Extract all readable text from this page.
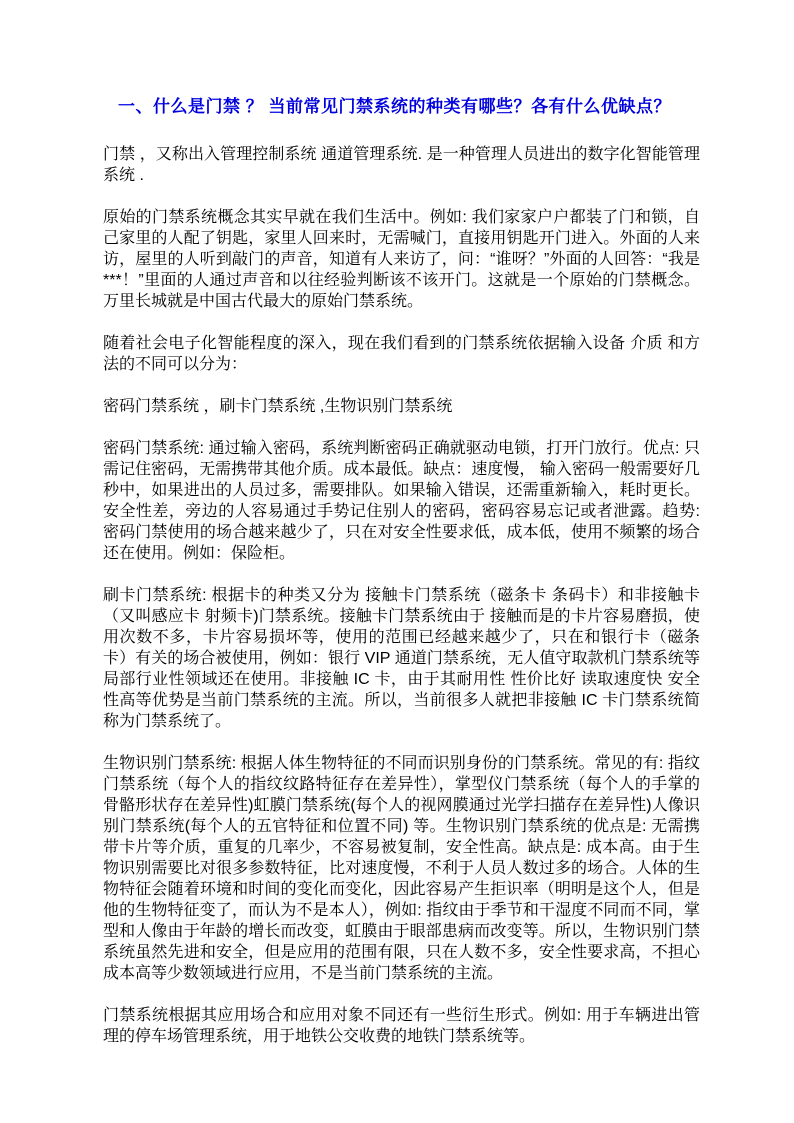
一、什么是门禁 ？ 当前常见门禁系统的种类有哪些？各有什么优缺点？

门禁 ，又称出入管理控制系统 通道管理系统. 是一种管理人员进出的数字化智能管理系统 .

原始的门禁系统概念其实早就在我们生活中。例如: 我们家家户户都装了门和锁，自己家里的人配了钥匙，家里人回来时，无需喊门，直接用钥匙开门进入。外面的人来访，屋里的人听到敲门的声音，知道有人来访了，问：“谁呀？”外面的人回答：“我是***！”里面的人通过声音和以往经验判断该不该开门。这就是一个原始的门禁概念。万里长城就是中国古代最大的原始门禁系统。

随着社会电子化智能程度的深入，现在我们看到的门禁系统依据输入设备 介质 和方法的不同可以分为：

密码门禁系统 ，刷卡门禁系统 ,生物识别门禁系统

密码门禁系统: 通过输入密码，系统判断密码正确就驱动电锁，打开门放行。优点: 只需记住密码，无需携带其他介质。成本最低。缺点：速度慢， 输入密码一般需要好几秒中，如果进出的人员过多，需要排队。如果输入错误，还需重新输入，耗时更长。安全性差，旁边的人容易通过手势记住别人的密码，密码容易忘记或者泄露。趋势: 密码门禁使用的场合越来越少了，只在对安全性要求低，成本低，使用不频繁的场合还在使用。例如：保险柜。

刷卡门禁系统: 根据卡的种类又分为 接触卡门禁系统（磁条卡 条码卡）和非接触卡（又叫感应卡 射频卡)门禁系统。接触卡门禁系统由于 接触而是的卡片容易磨损，使用次数不多，卡片容易损坏等，使用的范围已经越来越少了，只在和银行卡（磁条卡）有关的场合被使用，例如：银行 VIP 通道门禁系统，无人值守取款机门禁系统等局部行业性领域还在使用。非接触 IC 卡，由于其耐用性 性价比好 读取速度快 安全性高等优势是当前门禁系统的主流。所以，当前很多人就把非接触 IC 卡门禁系统简称为门禁系统了。

生物识别门禁系统: 根据人体生物特征的不同而识别身份的门禁系统。常见的有: 指纹门禁系统（每个人的指纹纹路特征存在差异性），掌型仪门禁系统（每个人的手掌的骨骼形状存在差异性)虹膜门禁系统(每个人的视网膜通过光学扫描存在差异性)人像识别门禁系统(每个人的五官特征和位置不同) 等。生物识别门禁系统的优点是: 无需携带卡片等介质，重复的几率少，不容易被复制，安全性高。缺点是: 成本高。由于生物识别需要比对很多参数特征，比对速度慢，不利于人员人数过多的场合。人体的生物特征会随着环境和时间的变化而变化，因此容易产生拒识率（明明是这个人，但是他的生物特征变了，而认为不是本人），例如: 指纹由于季节和干湿度不同而不同，掌型和人像由于年龄的增长而改变，虹膜由于眼部患病而改变等。所以，生物识别门禁系统虽然先进和安全，但是应用的范围有限，只在人数不多，安全性要求高，不担心成本高等少数领域进行应用，不是当前门禁系统的主流。

门禁系统根据其应用场合和应用对象不同还有一些衍生形式。例如: 用于车辆进出管理的停车场管理系统，用于地铁公交收费的地铁门禁系统等。
